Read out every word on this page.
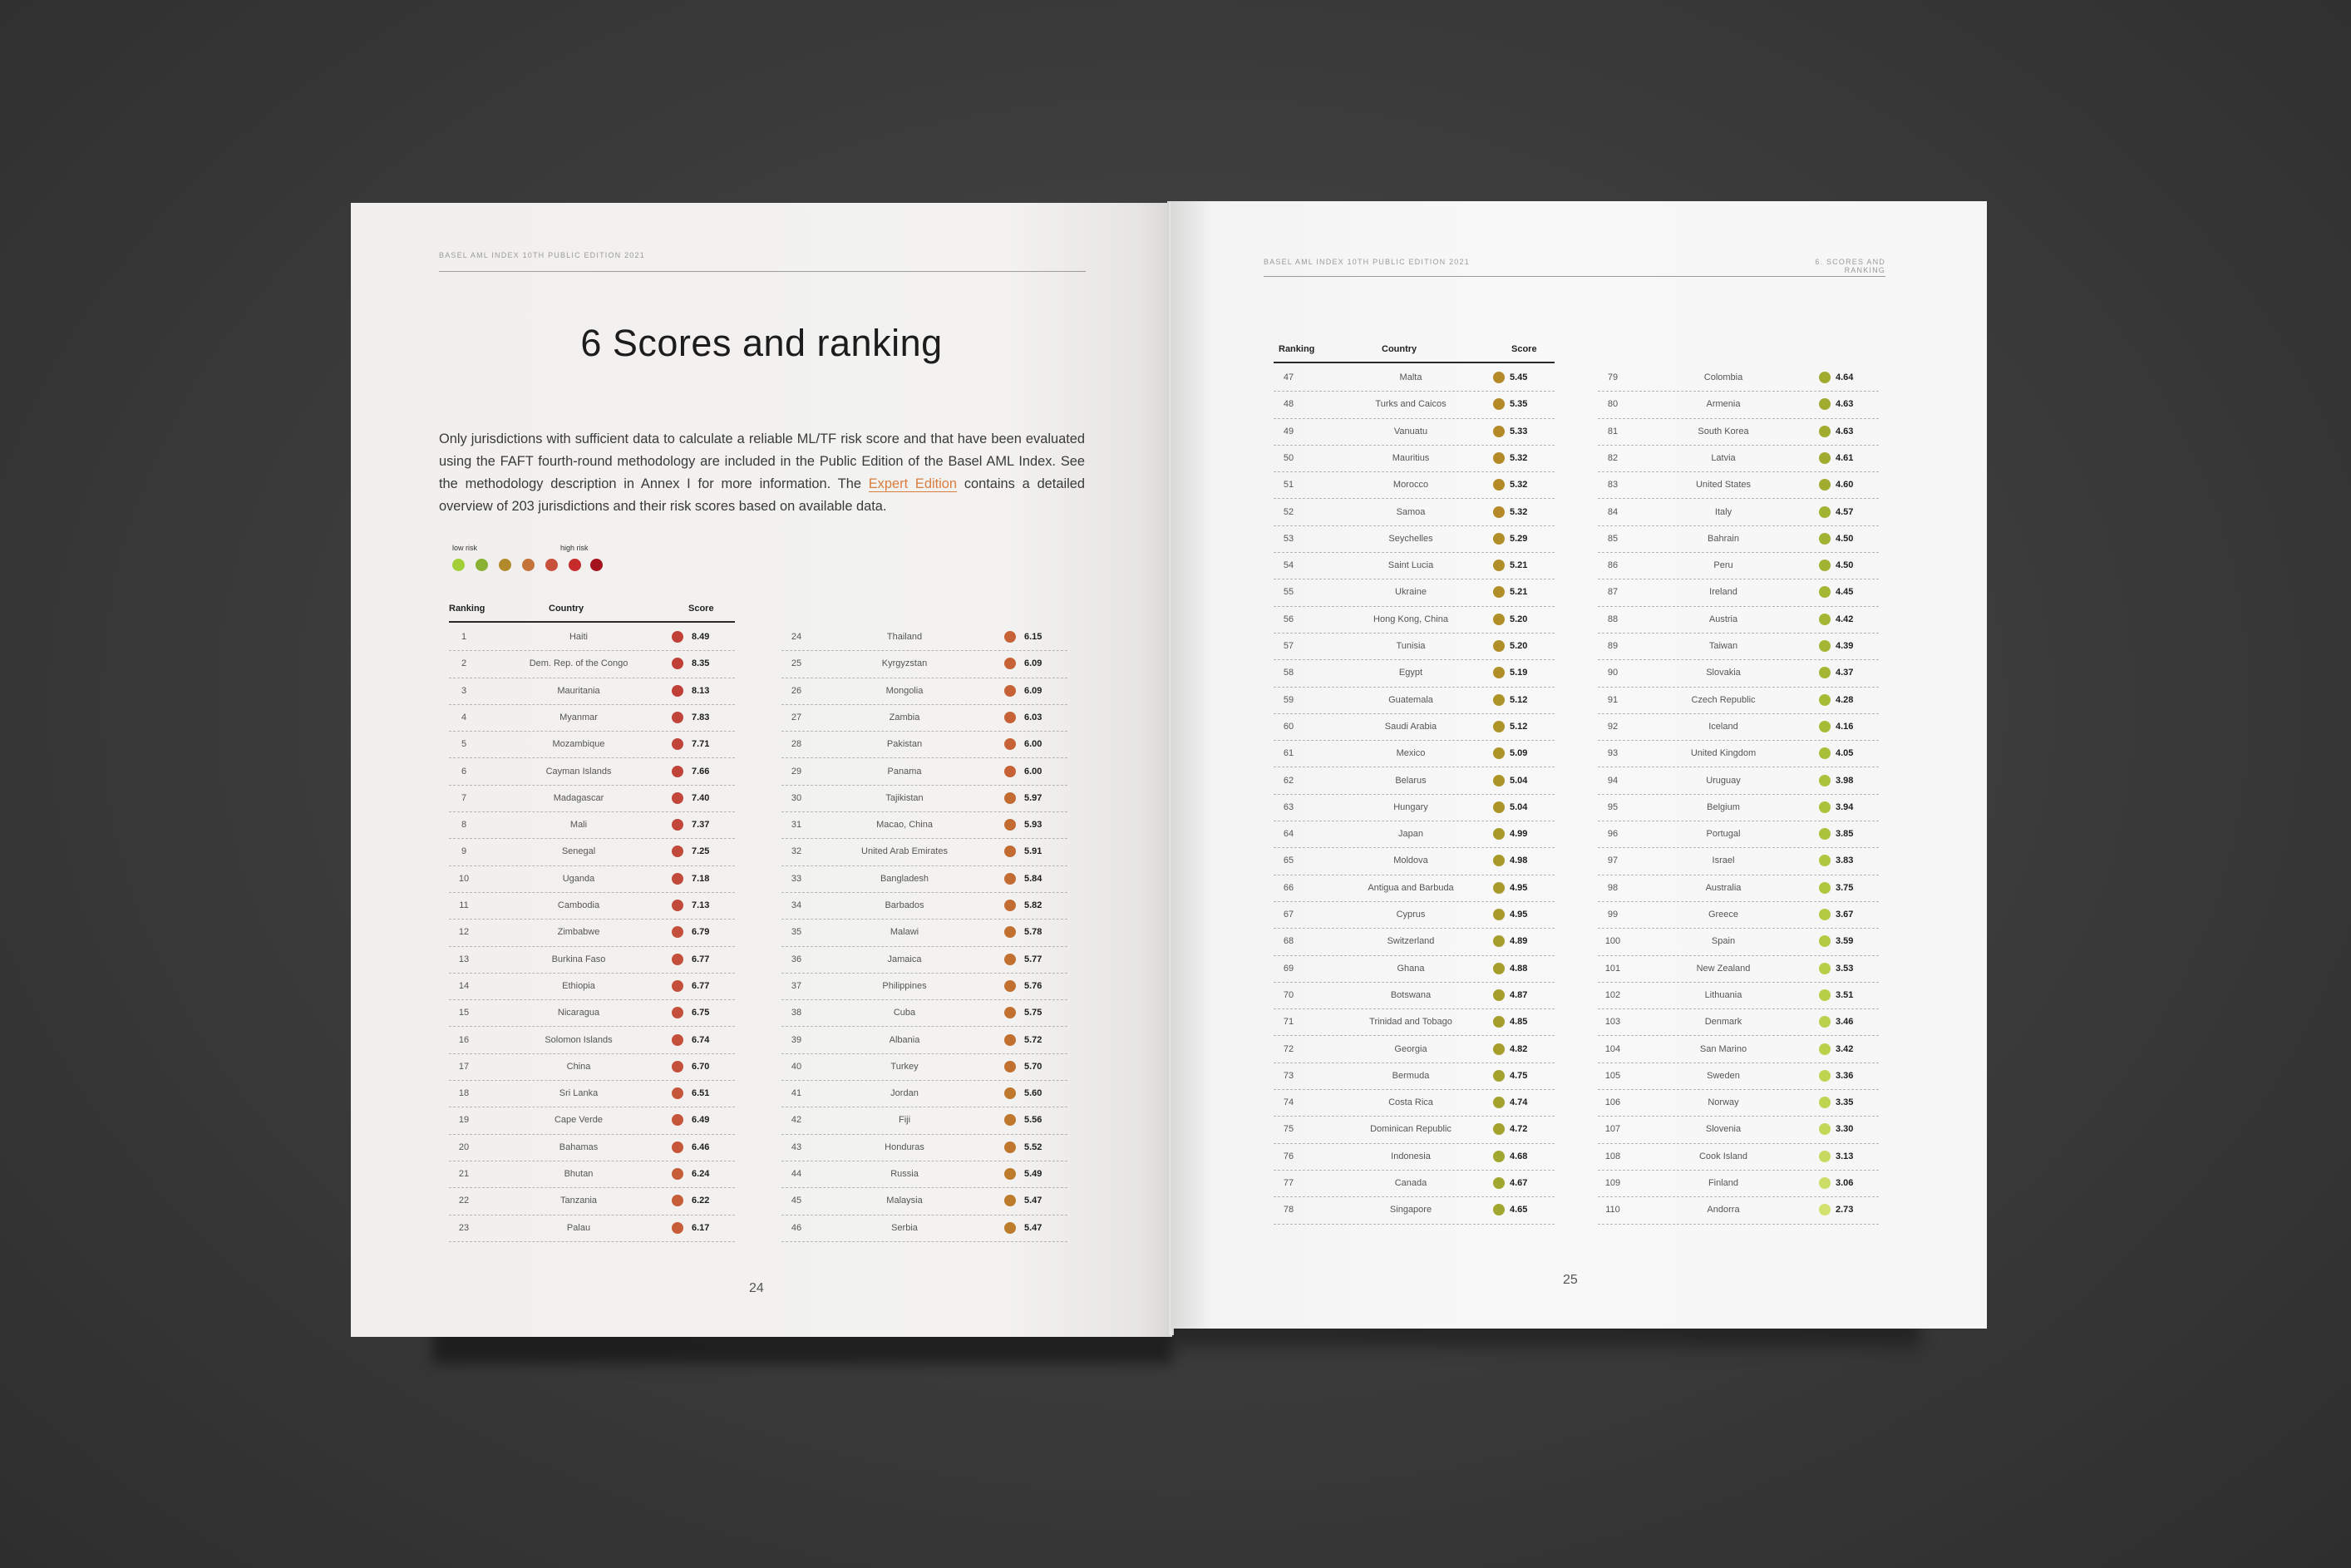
BASEL AML INDEX 10TH PUBLIC EDITION 2021
6 Scores and ranking
Only jurisdictions with sufficient data to calculate a reliable ML/TF risk score and that have been evaluated using the FAFT fourth-round methodology are included in the Public Edition of the Basel AML Index. See the methodology description in Annex I for more information. The Expert Edition contains a detailed overview of 203 jurisdictions and their risk scores based on available data.
low risk	high risk
Ranking	Country	Score
1	Haiti	8.49
2	Dem. Rep. of the Congo	8.35
3	Mauritania	8.13
4	Myanmar	7.83
5	Mozambique	7.71
6	Cayman Islands	7.66
7	Madagascar	7.40
8	Mali	7.37
9	Senegal	7.25
10	Uganda	7.18
11	Cambodia	7.13
12	Zimbabwe	6.79
13	Burkina Faso	6.77
14	Ethiopia	6.77
15	Nicaragua	6.75
16	Solomon Islands	6.74
17	China	6.70
18	Sri Lanka	6.51
19	Cape Verde	6.49
20	Bahamas	6.46
21	Bhutan	6.24
22	Tanzania	6.22
23	Palau	6.17
24	Thailand	6.15
25	Kyrgyzstan	6.09
26	Mongolia	6.09
27	Zambia	6.03
28	Pakistan	6.00
29	Panama	6.00
30	Tajikistan	5.97
31	Macao, China	5.93
32	United Arab Emirates	5.91
33	Bangladesh	5.84
34	Barbados	5.82
35	Malawi	5.78
36	Jamaica	5.77
37	Philippines	5.76
38	Cuba	5.75
39	Albania	5.72
40	Turkey	5.70
41	Jordan	5.60
42	Fiji	5.56
43	Honduras	5.52
44	Russia	5.49
45	Malaysia	5.47
46	Serbia	5.47
24
BASEL AML INDEX 10TH PUBLIC EDITION 2021	6. SCORES AND RANKING
Ranking	Country	Score
47	Malta	5.45
48	Turks and Caicos	5.35
49	Vanuatu	5.33
50	Mauritius	5.32
51	Morocco	5.32
52	Samoa	5.32
53	Seychelles	5.29
54	Saint Lucia	5.21
55	Ukraine	5.21
56	Hong Kong, China	5.20
57	Tunisia	5.20
58	Egypt	5.19
59	Guatemala	5.12
60	Saudi Arabia	5.12
61	Mexico	5.09
62	Belarus	5.04
63	Hungary	5.04
64	Japan	4.99
65	Moldova	4.98
66	Antigua and Barbuda	4.95
67	Cyprus	4.95
68	Switzerland	4.89
69	Ghana	4.88
70	Botswana	4.87
71	Trinidad and Tobago	4.85
72	Georgia	4.82
73	Bermuda	4.75
74	Costa Rica	4.74
75	Dominican Republic	4.72
76	Indonesia	4.68
77	Canada	4.67
78	Singapore	4.65
79	Colombia	4.64
80	Armenia	4.63
81	South Korea	4.63
82	Latvia	4.61
83	United States	4.60
84	Italy	4.57
85	Bahrain	4.50
86	Peru	4.50
87	Ireland	4.45
88	Austria	4.42
89	Taiwan	4.39
90	Slovakia	4.37
91	Czech Republic	4.28
92	Iceland	4.16
93	United Kingdom	4.05
94	Uruguay	3.98
95	Belgium	3.94
96	Portugal	3.85
97	Israel	3.83
98	Australia	3.75
99	Greece	3.67
100	Spain	3.59
101	New Zealand	3.53
102	Lithuania	3.51
103	Denmark	3.46
104	San Marino	3.42
105	Sweden	3.36
106	Norway	3.35
107	Slovenia	3.30
108	Cook Island	3.13
109	Finland	3.06
110	Andorra	2.73
25
